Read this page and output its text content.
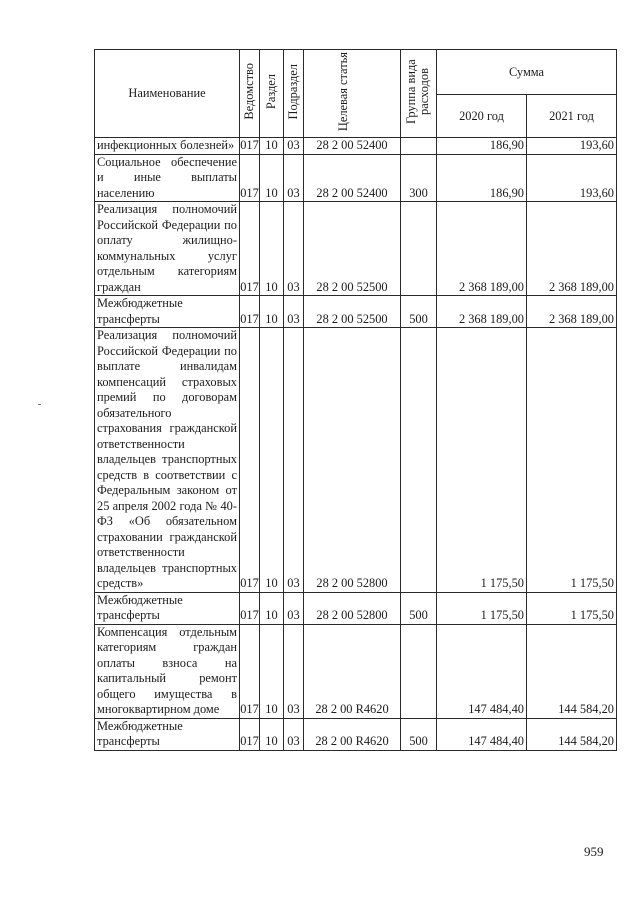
Наименование	Ведомство	Раздел	Подраздел	Целевая статья	Группа вида расходов	Сумма	
						2020 год	2021 год
инфекционных болезней»	017	10	03	28 2 00 52400		186,90	193,60
Социальное обеспечение и иные выплаты населению	017	10	03	28 2 00 52400	300	186,90	193,60
Реализация полномочий Российской Федерации по оплату жилищно-коммунальных услуг отдельным категориям граждан	017	10	03	28 2 00 52500		2 368 189,00	2 368 189,00
Межбюджетные трансферты	017	10	03	28 2 00 52500	500	2 368 189,00	2 368 189,00
Реализация полномочий Российской Федерации по выплате инвалидам компенсаций страховых премий по договорам обязательного страхования гражданской ответственности владельцев транспортных средств в соответствии с Федеральным законом от 25 апреля 2002 года № 40-ФЗ «Об обязательном страховании гражданской ответственности владельцев транспортных средств»	017	10	03	28 2 00 52800		1 175,50	1 175,50
Межбюджетные трансферты	017	10	03	28 2 00 52800	500	1 175,50	1 175,50
Компенсация отдельным категориям граждан оплаты взноса на капитальный ремонт общего имущества в многоквартирном доме	017	10	03	28 2 00 R4620		147 484,40	144 584,20
Межбюджетные трансферты	017	10	03	28 2 00 R4620	500	147 484,40	144 584,20
959
